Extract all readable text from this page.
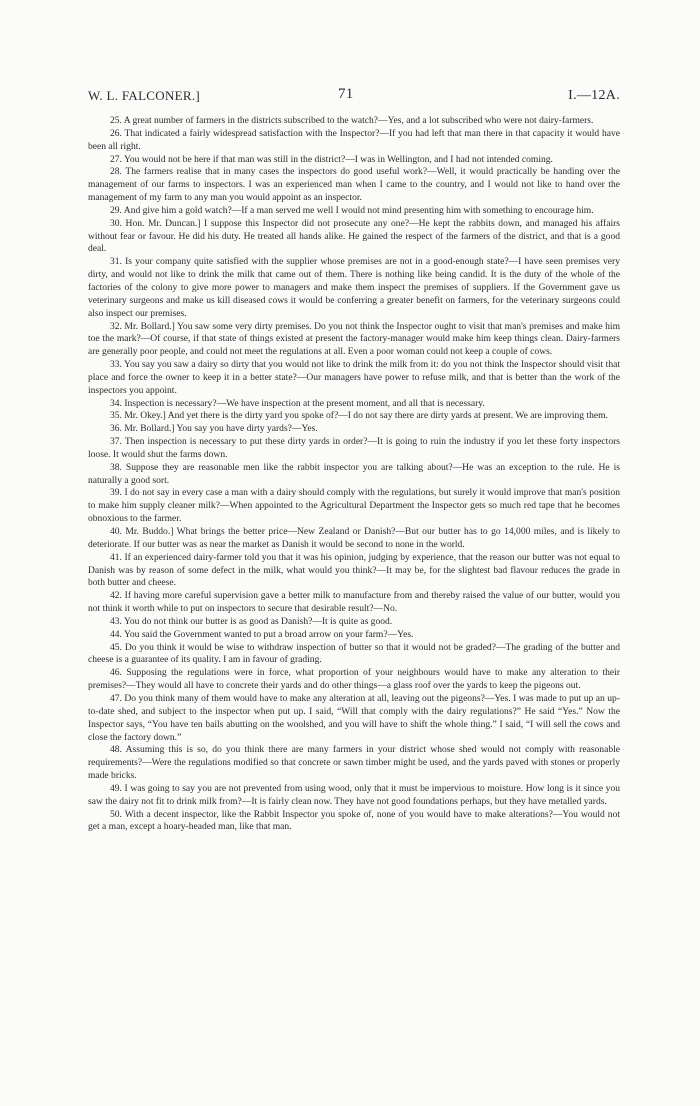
W. L. FALCONER.]	71	I.—12A.

25. A great number of farmers in the districts subscribed to the watch?—Yes, and a lot subscribed who were not dairy-farmers.

26. That indicated a fairly widespread satisfaction with the Inspector?—If you had left that man there in that capacity it would have been all right.

27. You would not be here if that man was still in the district?—I was in Wellington, and I had not intended coming.

28. The farmers realise that in many cases the inspectors do good useful work?—Well, it would practically be handing over the management of our farms to inspectors. I was an experienced man when I came to the country, and I would not like to hand over the management of my farm to any man you would appoint as an inspector.

29. And give him a gold watch?—If a man served me well I would not mind presenting him with something to encourage him.

30. Hon. Mr. Duncan.] I suppose this Inspector did not prosecute any one?—He kept the rabbits down, and managed his affairs without fear or favour. He did his duty. He treated all hands alike. He gained the respect of the farmers of the district, and that is a good deal.

31. Is your company quite satisfied with the supplier whose premises are not in a good-enough state?—I have seen premises very dirty, and would not like to drink the milk that came out of them. There is nothing like being candid. It is the duty of the whole of the factories of the colony to give more power to managers and make them inspect the premises of suppliers. If the Government gave us veterinary surgeons and make us kill diseased cows it would be conferring a greater benefit on farmers, for the veterinary surgeons could also inspect our premises.

32. Mr. Bollard.] You saw some very dirty premises. Do you not think the Inspector ought to visit that man's premises and make him toe the mark?—Of course, if that state of things existed at present the factory-manager would make him keep things clean. Dairy-farmers are generally poor people, and could not meet the regulations at all. Even a poor woman could not keep a couple of cows.

33. You say you saw a dairy so dirty that you would not like to drink the milk from it: do you not think the Inspector should visit that place and force the owner to keep it in a better state?—Our managers have power to refuse milk, and that is better than the work of the inspectors you appoint.

34. Inspection is necessary?—We have inspection at the present moment, and all that is necessary.

35. Mr. Okey.] And yet there is the dirty yard you spoke of?—I do not say there are dirty yards at present. We are improving them.

36. Mr. Bollard.] You say you have dirty yards?—Yes.

37. Then inspection is necessary to put these dirty yards in order?—It is going to ruin the industry if you let these forty inspectors loose. It would shut the farms down.

38. Suppose they are reasonable men like the rabbit inspector you are talking about?—He was an exception to the rule. He is naturally a good sort.

39. I do not say in every case a man with a dairy should comply with the regulations, but surely it would improve that man's position to make him supply cleaner milk?—When appointed to the Agricultural Department the Inspector gets so much red tape that he becomes obnoxious to the farmer.

40. Mr. Buddo.] What brings the better price—New Zealand or Danish?—But our butter has to go 14,000 miles, and is likely to deteriorate. If our butter was as near the market as Danish it would be second to none in the world.

41. If an experienced dairy-farmer told you that it was his opinion, judging by experience, that the reason our butter was not equal to Danish was by reason of some defect in the milk, what would you think?—It may be, for the slightest bad flavour reduces the grade in both butter and cheese.

42. If having more careful supervision gave a better milk to manufacture from and thereby raised the value of our butter, would you not think it worth while to put on inspectors to secure that desirable result?—No.

43. You do not think our butter is as good as Danish?—It is quite as good.

44. You said the Government wanted to put a broad arrow on your farm?—Yes.

45. Do you think it would be wise to withdraw inspection of butter so that it would not be graded?—The grading of the butter and cheese is a guarantee of its quality. I am in favour of grading.

46. Supposing the regulations were in force, what proportion of your neighbours would have to make any alteration to their premises?—They would all have to concrete their yards and do other things—a glass roof over the yards to keep the pigeons out.

47. Do you think many of them would have to make any alteration at all, leaving out the pigeons?—Yes. I was made to put up an up-to-date shed, and subject to the inspector when put up. I said, “Will that comply with the dairy regulations?” He said “Yes.” Now the Inspector says, “You have ten bails abutting on the woolshed, and you will have to shift the whole thing.” I said, “I will sell the cows and close the factory down.”

48. Assuming this is so, do you think there are many farmers in your district whose shed would not comply with reasonable requirements?—Were the regulations modified so that concrete or sawn timber might be used, and the yards paved with stones or properly made bricks.

49. I was going to say you are not prevented from using wood, only that it must be impervious to moisture. How long is it since you saw the dairy not fit to drink milk from?—It is fairly clean now. They have not good foundations perhaps, but they have metalled yards.

50. With a decent inspector, like the Rabbit Inspector you spoke of, none of you would have to make alterations?—You would not get a man, except a hoary-headed man, like that man.
